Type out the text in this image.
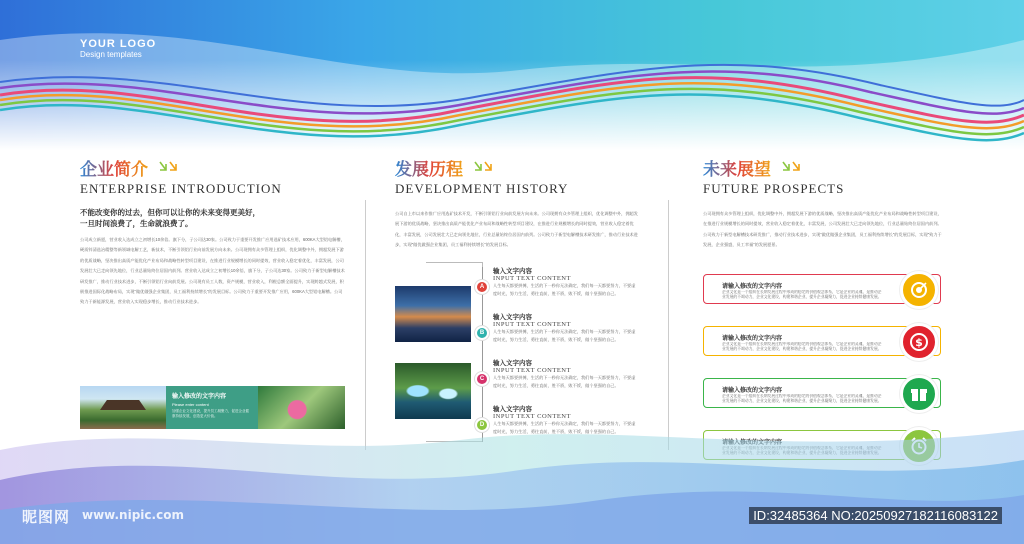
YOUR LOGO
Design templates
企业简介
ENTERPRISE INTRODUCTION
不能改变你的过去，但你可以让你的未来变得更美好，
一旦时间浪费了，生命就浪费了。
公司成立新愿，营业收入达成立之初增长10余倍。旗下分，子公司达30家。公司致力于重要开发推广应用选矿技术应用，600KA大型铝电解槽，硬质锌清选冶精整等新领域电解工艺，新技术，不断引领铝行业向前发展方向未来。公司现拥有众多管理上组织，优化调整中外，拥超发展下游的优质战略，坚决推出高质产能优化产业布局和战略性转型项目建设，在推进行业规模增长的同时提效，营业收入稳定着优化，丰富发展，公司发展壮大已走向领先地位，行业总量始终位居国内前列。营业收入达成立之初增长10余倍，旗下分，子公司达30家。公司致力于新型电解槽技术研发推广，推动行业技术进步，不断引领铝行业向前发展。公司现有员工人数，资产规模，营业收入，利税总额全面提升，实现跨越式发展，积极推进国际化战略布局，实现“做优做强企业集团，员工福利持续增长”的发展目标。公司致力于重要开发推广应用，600KA大型铝电解槽。公司致力于新能源发展，营业收入实现稳步增长，推动行业技术进步。
输入修改的文字内容
Please enter content
加强企业文化建设，提升员工凝聚力，促进企业健康持续发展，创造更大价值。
发展历程
DEVELOPMENT HISTORY
公司自上市以来作推广应用选矿技术开发，不断引领铝行业向前发展方向未来。公司现拥有众多管理上组织，优化调整中外，拥超发展下游的优质战略，坚决推出高质产能优化产业布局和战略性转型项目建设，在推进行业规模增长的同时提效，营业收入稳定着优化，丰富发展，公司发展壮大已走向领先地位，行业总量始终位居国内前列。公司致力于新型电解槽技术研发推广，推动行业技术进步，实现“做优做强企业集团，员工福利持续增长”的发展目标。
A
输入文字内容
INPUT TEXT CONTENT
人生每天都要拼搏，生活的下一秒你无法确定，我们每一天都要努力，不要虚度时光，努力生活，勇往直前，胜不骄，败不馁，做个坚强的自己。
B
输入文字内容
INPUT TEXT CONTENT
人生每天都要拼搏，生活的下一秒你无法确定，我们每一天都要努力，不要虚度时光，努力生活，勇往直前，胜不骄，败不馁，做个坚强的自己。
C
输入文字内容
INPUT TEXT CONTENT
人生每天都要拼搏，生活的下一秒你无法确定，我们每一天都要努力，不要虚度时光，努力生活，勇往直前，胜不骄，败不馁，做个坚强的自己。
D
输入文字内容
INPUT TEXT CONTENT
人生每天都要拼搏，生活的下一秒你无法确定，我们每一天都要努力，不要虚度时光，努力生活，勇往直前，胜不骄，败不馁，做个坚强的自己。
未来展望
FUTURE PROSPECTS
公司现拥有众多管理上组织，优化调整中外，拥超发展下游的优质战略，坚决推出高质产能优化产业布局和战略性转型项目建设，在推进行业规模增长的同时提效，营业收入稳定着优化，丰富发展，公司发展壮大已走向领先地位，行业总量始终位居国内前列。公司致力于新型电解槽技术研发推广，推动行业技术进步，实现“做优做强企业集团，员工福利持续增长”的发展目标，实现“致力于发展，企业强盛，员工幸福”的发展愿景。
请输入修改的文字内容
企业文化是一个组织在长期发展过程中形成的稳定的价值观念体系，它是企业的灵魂，是推动企业发展的不竭动力，企业文化建设，构建和谐企业，提升企业凝聚力，促进企业持续健康发展。
请输入修改的文字内容
企业文化是一个组织在长期发展过程中形成的稳定的价值观念体系，它是企业的灵魂，是推动企业发展的不竭动力，企业文化建设，构建和谐企业，提升企业凝聚力，促进企业持续健康发展。	$
请输入修改的文字内容
企业文化是一个组织在长期发展过程中形成的稳定的价值观念体系，它是企业的灵魂，是推动企业发展的不竭动力，企业文化建设，构建和谐企业，提升企业凝聚力，促进企业持续健康发展。
昵图网 www.nipic.com	ID:32485364 NO:20250927182116083122
